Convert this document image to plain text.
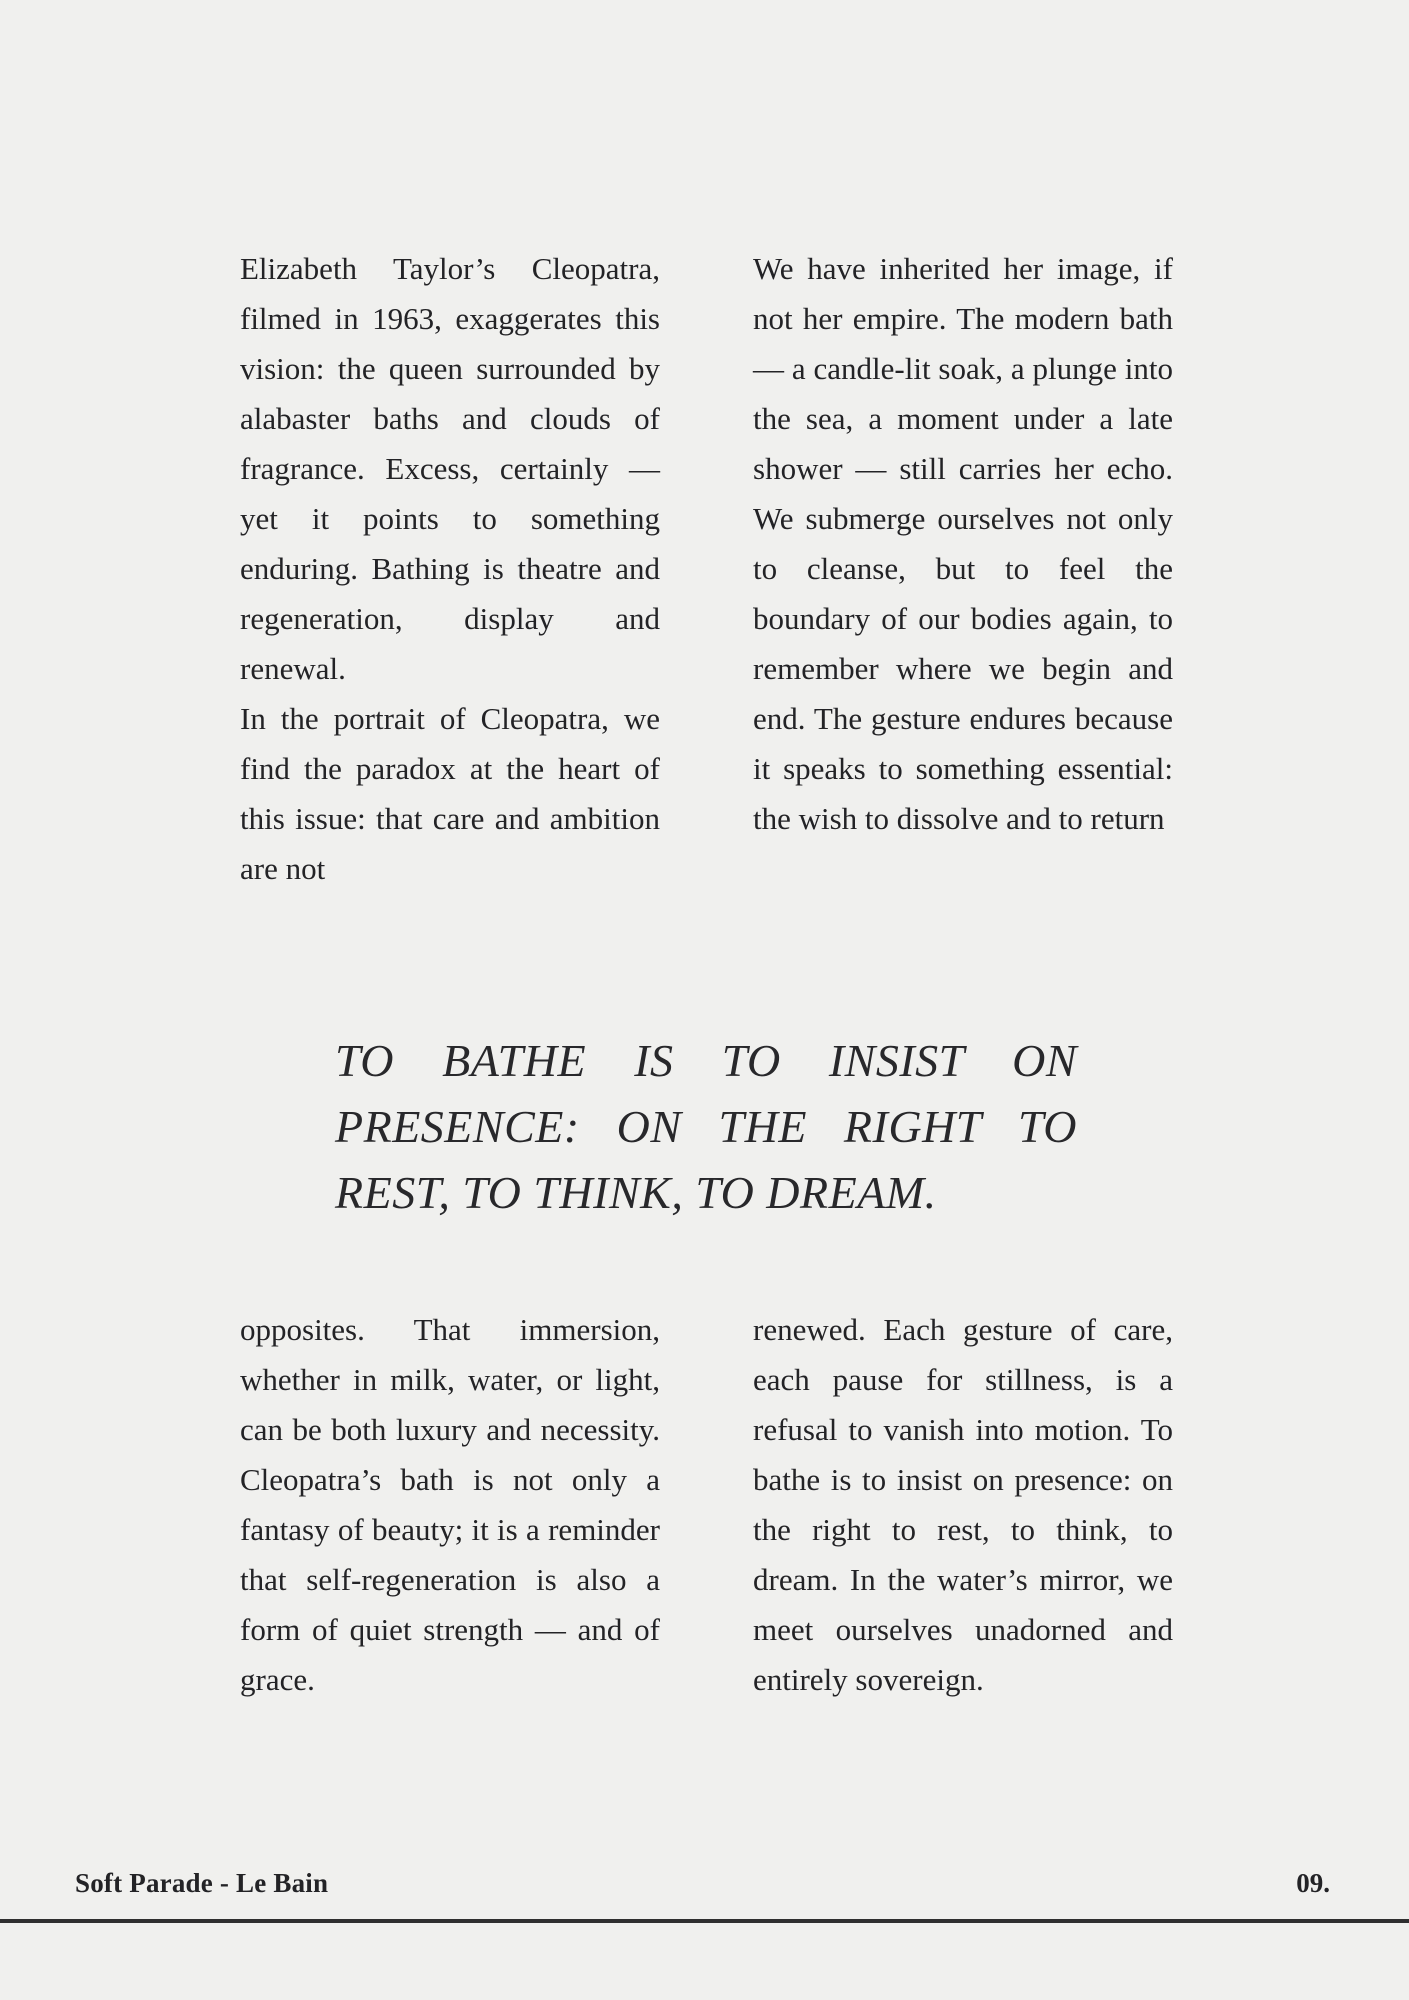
Elizabeth Taylor’s Cleopatra, filmed in 1963, exaggerates this vision: the queen surrounded by alabaster baths and clouds of fragrance. Excess, certainly — yet it points to something enduring. Bathing is theatre and regeneration, display and renewal.

In the portrait of Cleopatra, we find the paradox at the heart of this issue: that care and ambition are not

We have inherited her image, if not her empire. The modern bath — a candle-lit soak, a plunge into the sea, a moment under a late shower — still carries her echo. We submerge ourselves not only to cleanse, but to feel the boundary of our bodies again, to remember where we begin and end. The gesture endures because it speaks to something essential: the wish to dissolve and to return

TO BATHE IS TO INSIST ON
PRESENCE: ON THE RIGHT TO
REST, TO THINK, TO DREAM.

opposites. That immersion, whether in milk, water, or light, can be both luxury and necessity. Cleopatra’s bath is not only a fantasy of beauty; it is a reminder that self-regeneration is also a form of quiet strength — and of grace.

renewed. Each gesture of care, each pause for stillness, is a refusal to vanish into motion. To bathe is to insist on presence: on the right to rest, to think, to dream. In the water’s mirror, we meet ourselves unadorned and entirely sovereign.

Soft Parade - Le Bain	09.
